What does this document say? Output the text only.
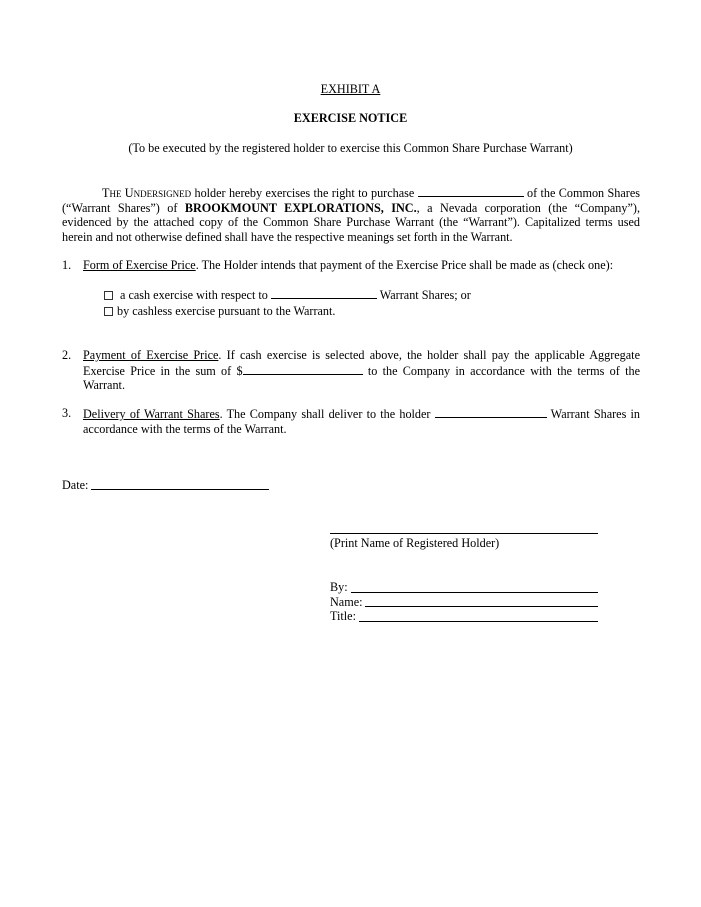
EXHIBIT A
EXERCISE NOTICE
(To be executed by the registered holder to exercise this Common Share Purchase Warrant)
The Undersigned holder hereby exercises the right to purchase	of the Common Shares (“Warrant Shares”) of BROOKMOUNT EXPLORATIONS, INC., a Nevada corporation (the “Company”), evidenced by the attached copy of the Common Share Purchase Warrant (the “Warrant”). Capitalized terms used herein and not otherwise defined shall have the respective meanings set forth in the Warrant.
1. Form of Exercise Price. The Holder intends that payment of the Exercise Price shall be made as (check one):
a cash exercise with respect to	Warrant Shares; or
by cashless exercise pursuant to the Warrant.
2. Payment of Exercise Price. If cash exercise is selected above, the holder shall pay the applicable Aggregate Exercise Price in the sum of $	to the Company in accordance with the terms of the Warrant.
3. Delivery of Warrant Shares. The Company shall deliver to the holder	Warrant Shares in accordance with the terms of the Warrant.
Date:
(Print Name of Registered Holder)
By:
Name:
Title:
